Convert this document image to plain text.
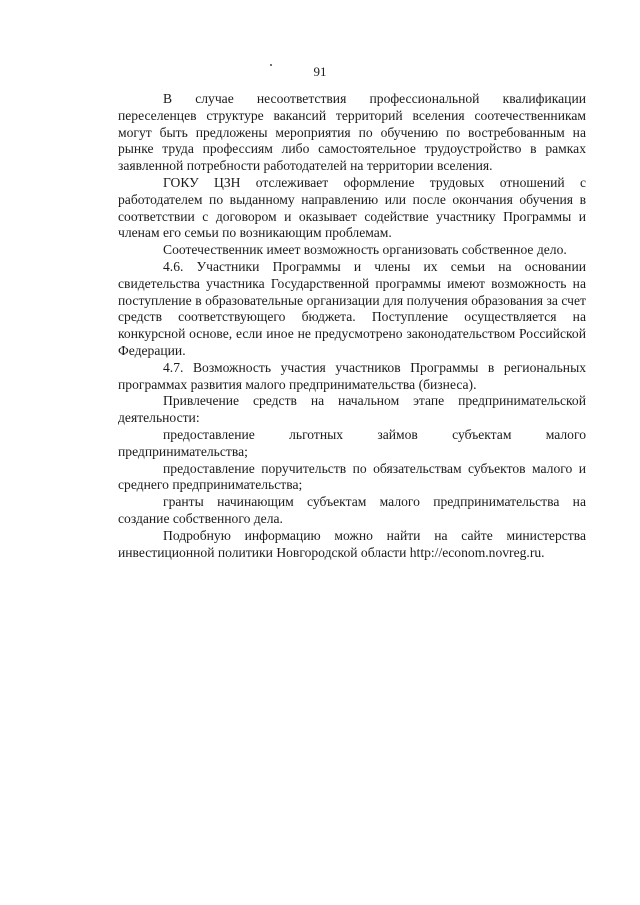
91

В случае несоответствия профессиональной квалификации переселенцев структуре вакансий территорий вселения соотечественникам могут быть предложены мероприятия по обучению по востребованным на рынке труда профессиям либо самостоятельное трудоустройство в рамках заявленной потребности работодателей на территории вселения.

ГОКУ ЦЗН отслеживает оформление трудовых отношений с работодателем по выданному направлению или после окончания обучения в соответствии с договором и оказывает содействие участнику Программы и членам его семьи по возникающим проблемам.

Соотечественник имеет возможность организовать собственное дело.

4.6. Участники Программы и члены их семьи на основании свидетельства участника Государственной программы имеют возможность на поступление в образовательные организации для получения образования за счет средств соответствующего бюджета. Поступление осуществляется на конкурсной основе, если иное не предусмотрено законодательством Российской Федерации.

4.7. Возможность участия участников Программы в региональных программах развития малого предпринимательства (бизнеса).

Привлечение средств на начальном этапе предпринимательской деятельности:

предоставление льготных займов субъектам малого предпринимательства;

предоставление поручительств по обязательствам субъектов малого и среднего предпринимательства;

гранты начинающим субъектам малого предпринимательства на создание собственного дела.

Подробную информацию можно найти на сайте министерства инвестиционной политики Новгородской области http://econom.novreg.ru.
